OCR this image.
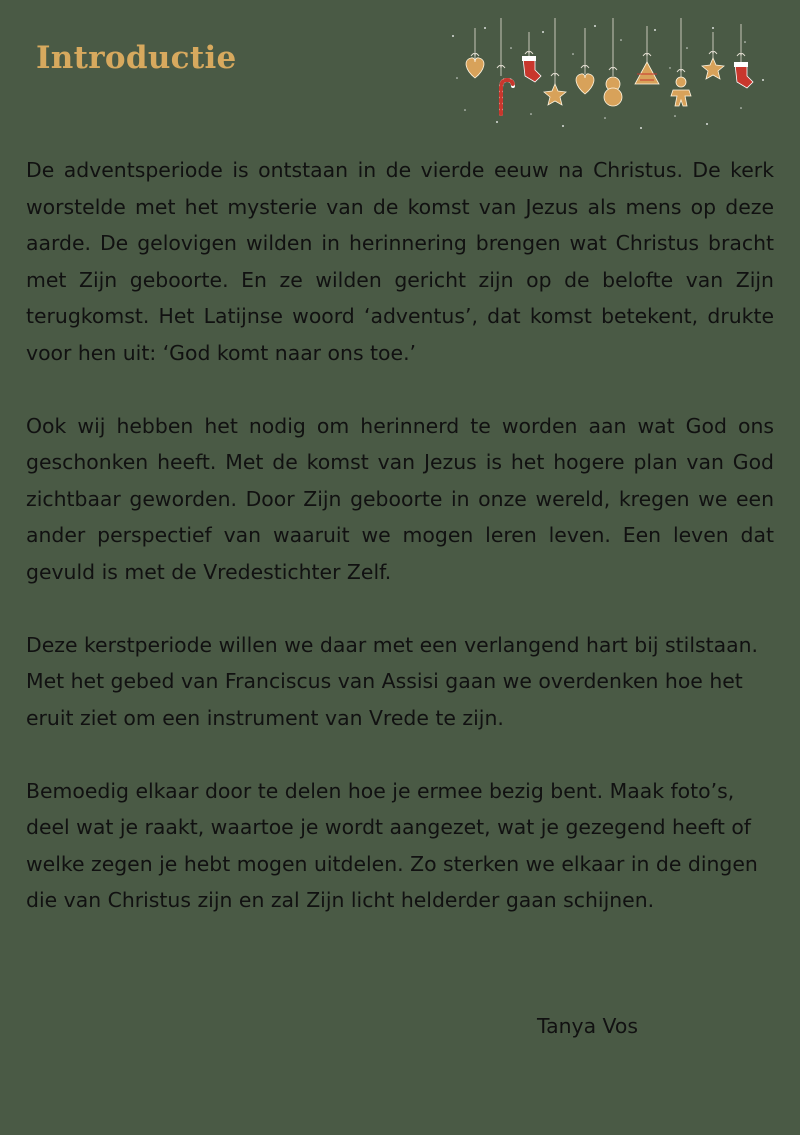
Introductie

De adventsperiode is ontstaan in de vierde eeuw na Christus. De kerk worstelde met het mysterie van de komst van Jezus als mens op deze aarde. De gelovigen wilden in herinnering brengen wat Christus bracht met Zijn geboorte. En ze wilden gericht zijn op de belofte van Zijn terugkomst. Het Latijnse woord ‘adventus’, dat komst betekent, drukte voor hen uit: ‘God komt naar ons toe.’

Ook wij hebben het nodig om herinnerd te worden aan wat God ons geschonken heeft. Met de komst van Jezus is het hogere plan van God zichtbaar geworden. Door Zijn geboorte in onze wereld, kregen we een ander perspectief van waaruit we mogen leren leven. Een leven dat gevuld is met de Vredestichter Zelf.

Deze kerstperiode willen we daar met een verlangend hart bij stilstaan. Met het gebed van Franciscus van Assisi gaan we overdenken hoe het eruit ziet om een instrument van Vrede te zijn.

Bemoedig elkaar door te delen hoe je ermee bezig bent. Maak foto’s, deel wat je raakt, waartoe je wordt aangezet, wat je gezegend heeft of welke zegen je hebt mogen uitdelen. Zo sterken we elkaar in de dingen die van Christus zijn en zal Zijn licht helderder gaan schijnen.

Tanya Vos
